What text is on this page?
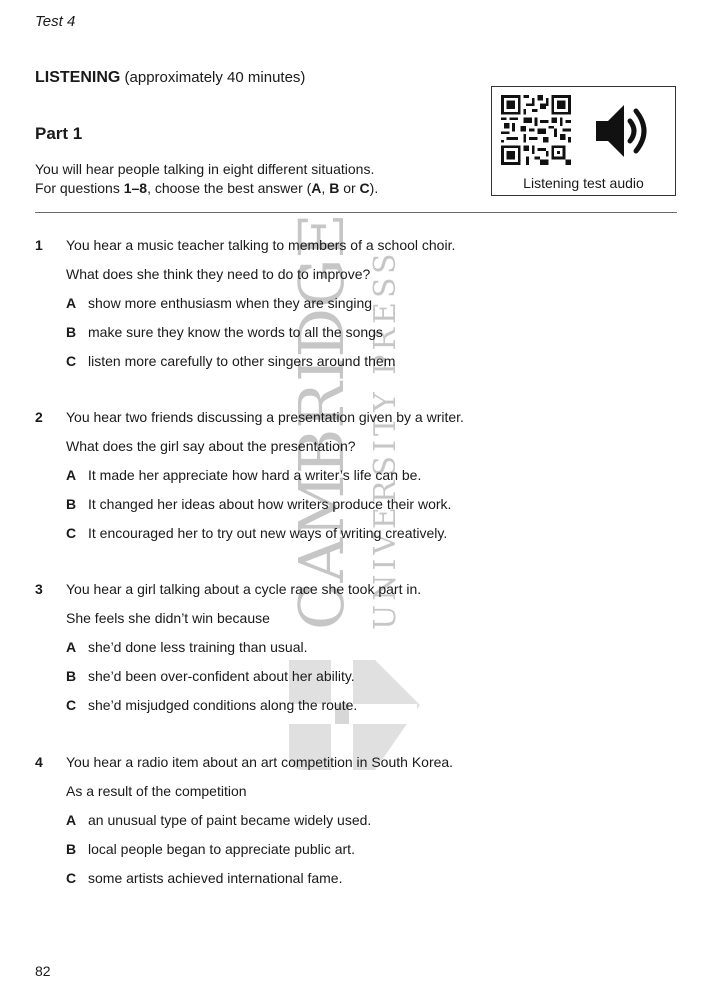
Test 4
LISTENING (approximately 40 minutes)
Part 1
You will hear people talking in eight different situations.
For questions 1–8, choose the best answer (A, B or C).	Listening test audio
CAMBRIDGE UNIVERSITY PRESS
1 You hear a music teacher talking to members of a school choir.
What does she think they need to do to improve?
A show more enthusiasm when they are singing
B make sure they know the words to all the songs
C listen more carefully to other singers around them
2 You hear two friends discussing a presentation given by a writer.
What does the girl say about the presentation?
A It made her appreciate how hard a writer’s life can be.
B It changed her ideas about how writers produce their work.
C It encouraged her to try out new ways of writing creatively.
3 You hear a girl talking about a cycle race she took part in.
She feels she didn’t win because
A she’d done less training than usual.
B she’d been over-confident about her ability.
C she’d misjudged conditions along the route.
4 You hear a radio item about an art competition in South Korea.
As a result of the competition
A an unusual type of paint became widely used.
B local people began to appreciate public art.
C some artists achieved international fame.
82
